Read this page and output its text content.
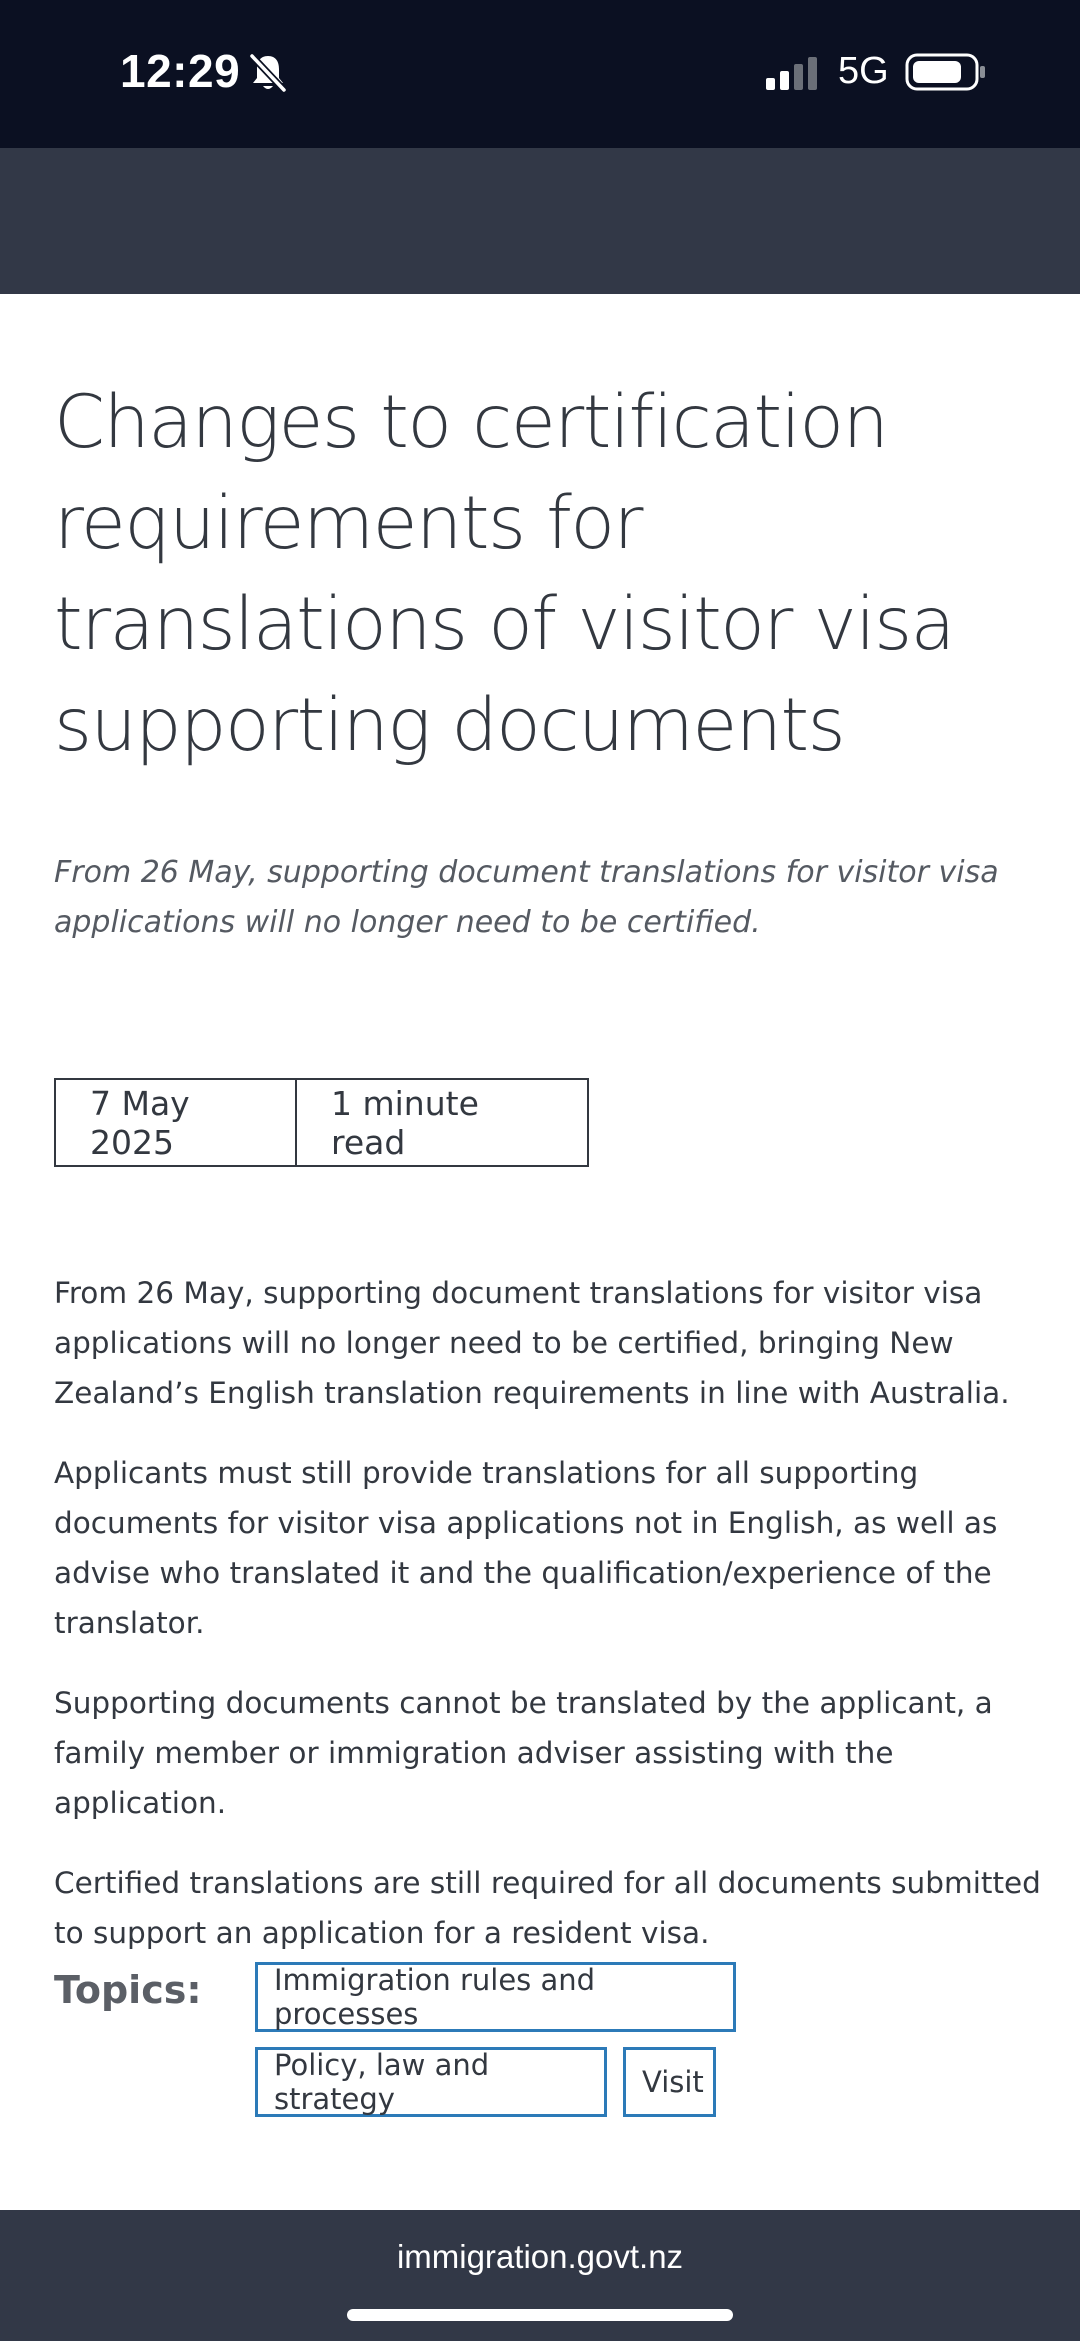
12:29	5G
Changes to certification requirements for translations of visitor visa supporting documents

From 26 May, supporting document translations for visitor visa applications will no longer need to be certified.

7 May 2025
1 minute read

From 26 May, supporting document translations for visitor visa applications will no longer need to be certified, bringing New Zealand’s English translation requirements in line with Australia.

Applicants must still provide translations for all supporting documents for visitor visa applications not in English, as well as advise who translated it and the qualification/experience of the translator.

Supporting documents cannot be translated by the applicant, a family member or immigration adviser assisting with the application.

Certified translations are still required for all documents submitted to support an application for a resident visa.

Topics:	Immigration rules and processes
Policy, law and strategy	Visit
immigration.govt.nz
